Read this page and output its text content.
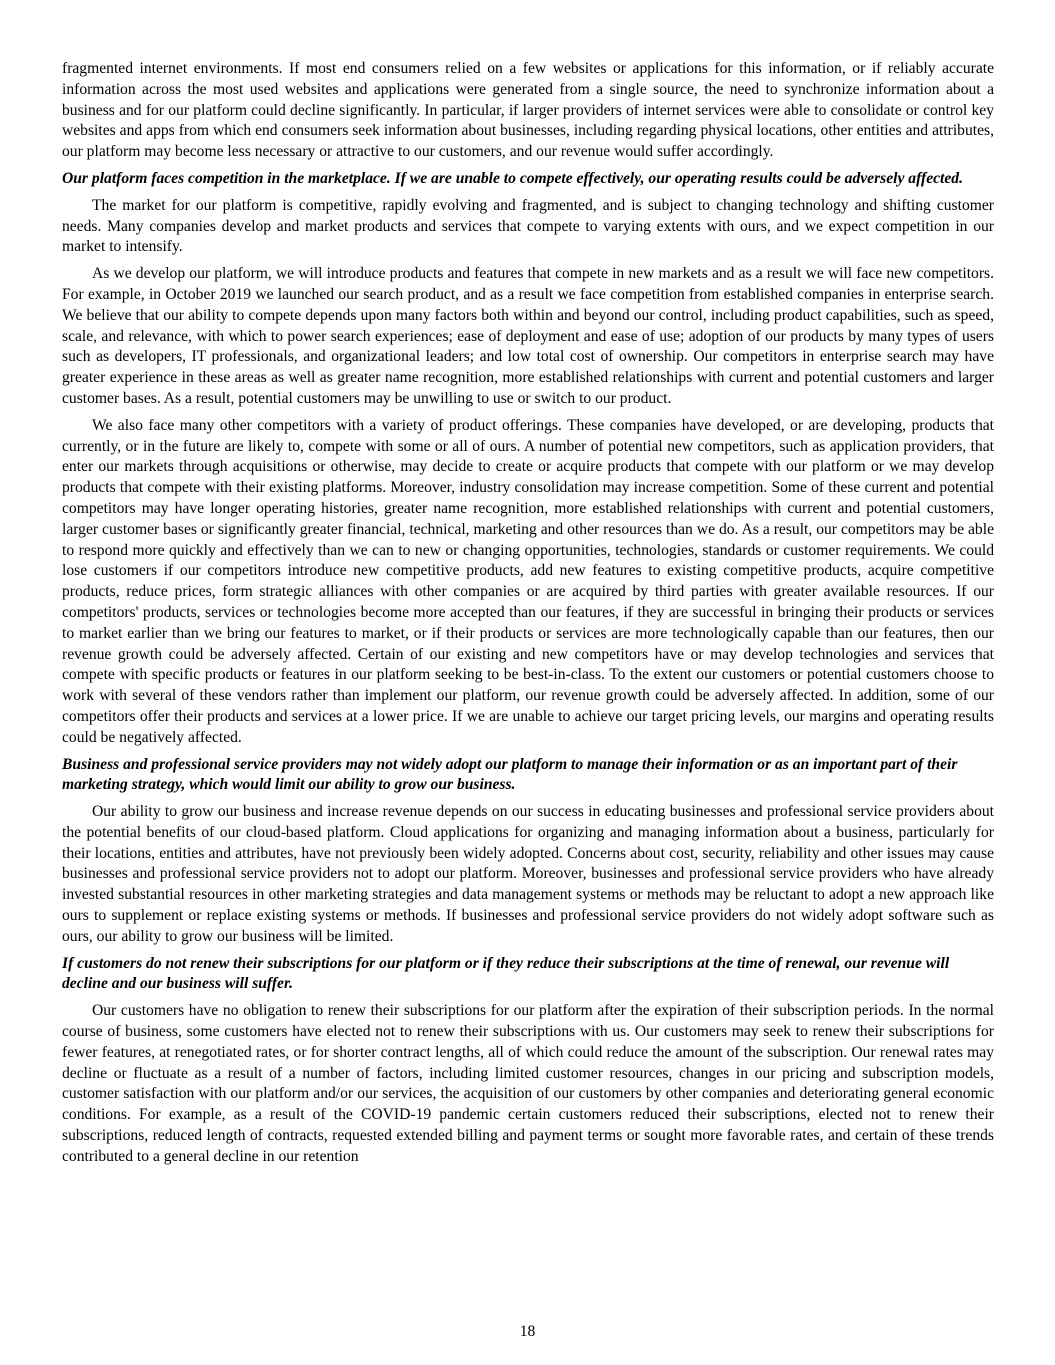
fragmented internet environments. If most end consumers relied on a few websites or applications for this information, or if reliably accurate information across the most used websites and applications were generated from a single source, the need to synchronize information about a business and for our platform could decline significantly. In particular, if larger providers of internet services were able to consolidate or control key websites and apps from which end consumers seek information about businesses, including regarding physical locations, other entities and attributes, our platform may become less necessary or attractive to our customers, and our revenue would suffer accordingly.

Our platform faces competition in the marketplace. If we are unable to compete effectively, our operating results could be adversely affected.

The market for our platform is competitive, rapidly evolving and fragmented, and is subject to changing technology and shifting customer needs. Many companies develop and market products and services that compete to varying extents with ours, and we expect competition in our market to intensify.

As we develop our platform, we will introduce products and features that compete in new markets and as a result we will face new competitors. For example, in October 2019 we launched our search product, and as a result we face competition from established companies in enterprise search. We believe that our ability to compete depends upon many factors both within and beyond our control, including product capabilities, such as speed, scale, and relevance, with which to power search experiences; ease of deployment and ease of use; adoption of our products by many types of users such as developers, IT professionals, and organizational leaders; and low total cost of ownership. Our competitors in enterprise search may have greater experience in these areas as well as greater name recognition, more established relationships with current and potential customers and larger customer bases. As a result, potential customers may be unwilling to use or switch to our product.

We also face many other competitors with a variety of product offerings. These companies have developed, or are developing, products that currently, or in the future are likely to, compete with some or all of ours. A number of potential new competitors, such as application providers, that enter our markets through acquisitions or otherwise, may decide to create or acquire products that compete with our platform or we may develop products that compete with their existing platforms. Moreover, industry consolidation may increase competition. Some of these current and potential competitors may have longer operating histories, greater name recognition, more established relationships with current and potential customers, larger customer bases or significantly greater financial, technical, marketing and other resources than we do. As a result, our competitors may be able to respond more quickly and effectively than we can to new or changing opportunities, technologies, standards or customer requirements. We could lose customers if our competitors introduce new competitive products, add new features to existing competitive products, acquire competitive products, reduce prices, form strategic alliances with other companies or are acquired by third parties with greater available resources. If our competitors' products, services or technologies become more accepted than our features, if they are successful in bringing their products or services to market earlier than we bring our features to market, or if their products or services are more technologically capable than our features, then our revenue growth could be adversely affected. Certain of our existing and new competitors have or may develop technologies and services that compete with specific products or features in our platform seeking to be best-in-class. To the extent our customers or potential customers choose to work with several of these vendors rather than implement our platform, our revenue growth could be adversely affected. In addition, some of our competitors offer their products and services at a lower price. If we are unable to achieve our target pricing levels, our margins and operating results could be negatively affected.

Business and professional service providers may not widely adopt our platform to manage their information or as an important part of their marketing strategy, which would limit our ability to grow our business.

Our ability to grow our business and increase revenue depends on our success in educating businesses and professional service providers about the potential benefits of our cloud-based platform. Cloud applications for organizing and managing information about a business, particularly for their locations, entities and attributes, have not previously been widely adopted. Concerns about cost, security, reliability and other issues may cause businesses and professional service providers not to adopt our platform. Moreover, businesses and professional service providers who have already invested substantial resources in other marketing strategies and data management systems or methods may be reluctant to adopt a new approach like ours to supplement or replace existing systems or methods. If businesses and professional service providers do not widely adopt software such as ours, our ability to grow our business will be limited.

If customers do not renew their subscriptions for our platform or if they reduce their subscriptions at the time of renewal, our revenue will decline and our business will suffer.

Our customers have no obligation to renew their subscriptions for our platform after the expiration of their subscription periods. In the normal course of business, some customers have elected not to renew their subscriptions with us. Our customers may seek to renew their subscriptions for fewer features, at renegotiated rates, or for shorter contract lengths, all of which could reduce the amount of the subscription. Our renewal rates may decline or fluctuate as a result of a number of factors, including limited customer resources, changes in our pricing and subscription models, customer satisfaction with our platform and/or our services, the acquisition of our customers by other companies and deteriorating general economic conditions. For example, as a result of the COVID-19 pandemic certain customers reduced their subscriptions, elected not to renew their subscriptions, reduced length of contracts, requested extended billing and payment terms or sought more favorable rates, and certain of these trends contributed to a general decline in our retention

18
